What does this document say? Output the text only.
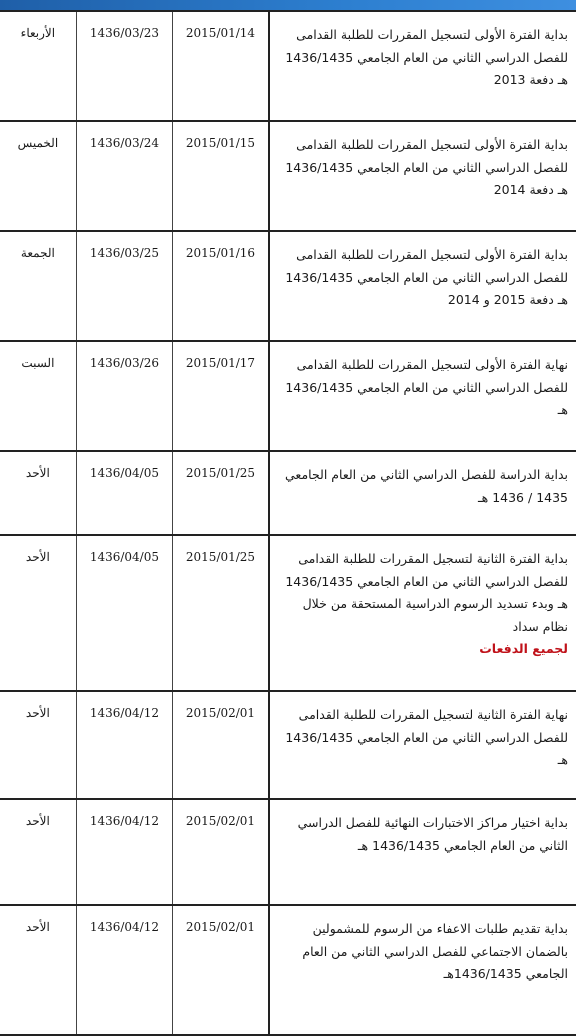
الأربعاء	1436/03/23	2015/01/14	بداية الفترة الأولى لتسجيل المقررات للطلبة القدامى للفصل الدراسي الثاني من العام الجامعي 1436/1435 هـ دفعة 2013

الخميس	1436/03/24	2015/01/15	بداية الفترة الأولى لتسجيل المقررات للطلبة القدامى للفصل الدراسي الثاني من العام الجامعي 1436/1435 هـ دفعة 2014

الجمعة	1436/03/25	2015/01/16	بداية الفترة الأولى لتسجيل المقررات للطلبة القدامى للفصل الدراسي الثاني من العام الجامعي 1436/1435 هـ دفعة 2015 و 2014

السبت	1436/03/26	2015/01/17	نهاية الفترة الأولى لتسجيل المقررات للطلبة القدامى للفصل الدراسي الثاني من العام الجامعي 1436/1435 هـ

الأحد	1436/04/05	2015/01/25	بداية الدراسة للفصل الدراسي الثاني من العام الجامعي 1435 / 1436 هـ

الأحد	1436/04/05	2015/01/25	بداية الفترة الثانية لتسجيل المقررات للطلبة القدامى للفصل الدراسي الثاني من العام الجامعي 1436/1435 هـ وبدء تسديد الرسوم الدراسية المستحقة من خلال نظام سداد
لجميع الدفعات

الأحد	1436/04/12	2015/02/01	نهاية الفترة الثانية لتسجيل المقررات للطلبة القدامى للفصل الدراسي الثاني من العام الجامعي 1436/1435 هـ

الأحد	1436/04/12	2015/02/01	بداية اختيار مراكز الاختبارات النهائية للفصل الدراسي الثاني من العام الجامعي 1436/1435 هـ

الأحد	1436/04/12	2015/02/01	بداية تقديم طلبات الاعفاء من الرسوم للمشمولين بالضمان الاجتماعي للفصل الدراسي الثاني من العام الجامعي 1436/1435هـ
